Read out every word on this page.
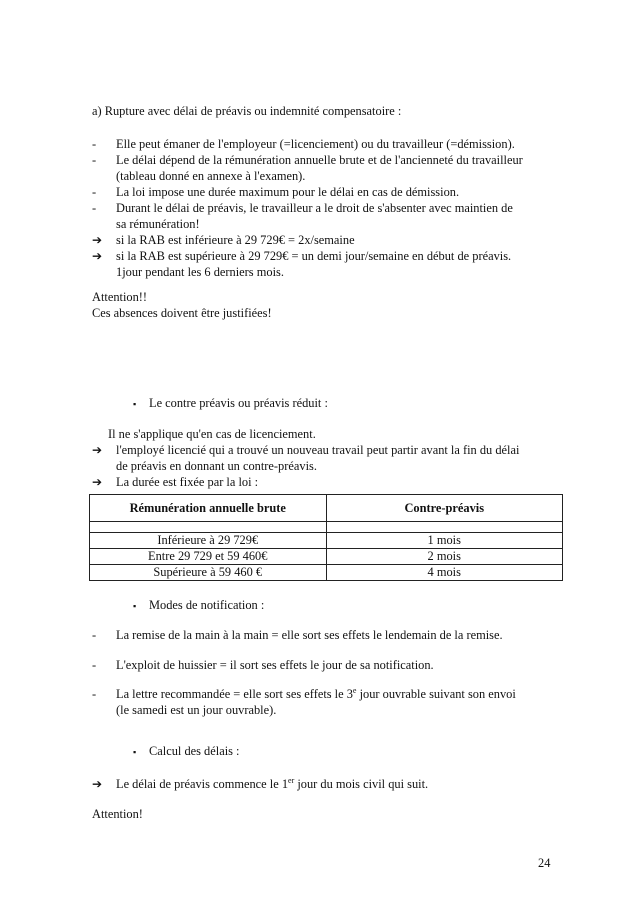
a) Rupture avec délai de préavis ou indemnité compensatoire :
- Elle peut émaner de l'employeur (=licenciement) ou du travailleur (=démission).
- Le délai dépend de la rémunération annuelle brute et de l'ancienneté du travailleur
(tableau donné en annexe à l'examen).
- La loi impose une durée maximum pour le délai en cas de démission.
- Durant le délai de préavis, le travailleur a le droit de s'absenter avec maintien de
sa rémunération!
➔ si la RAB est inférieure à 29 729€ = 2x/semaine
➔ si la RAB est supérieure à 29 729€ = un demi jour/semaine en début de préavis.
1jour pendant les 6 derniers mois.
Attention!!
Ces absences doivent être justifiées!
▪ Le contre préavis ou préavis réduit :
Il ne s'applique qu'en cas de licenciement.
➔ l'employé licencié qui a trouvé un nouveau travail peut partir avant la fin du délai
de préavis en donnant un contre-préavis.
➔ La durée est fixée par la loi :
Rémunération annuelle brute	Contre-préavis

Inférieure à 29 729€	1 mois
Entre 29 729 et 59 460€	2 mois
Supérieure à 59 460 €	4 mois
▪ Modes de notification :
- La remise de la main à la main = elle sort ses effets le lendemain de la remise.
- L'exploit de huissier = il sort ses effets le jour de sa notification.
- La lettre recommandée = elle sort ses effets le 3e jour ouvrable suivant son envoi
(le samedi est un jour ouvrable).
▪ Calcul des délais :
➔ Le délai de préavis commence le 1er jour du mois civil qui suit.
Attention!
24
